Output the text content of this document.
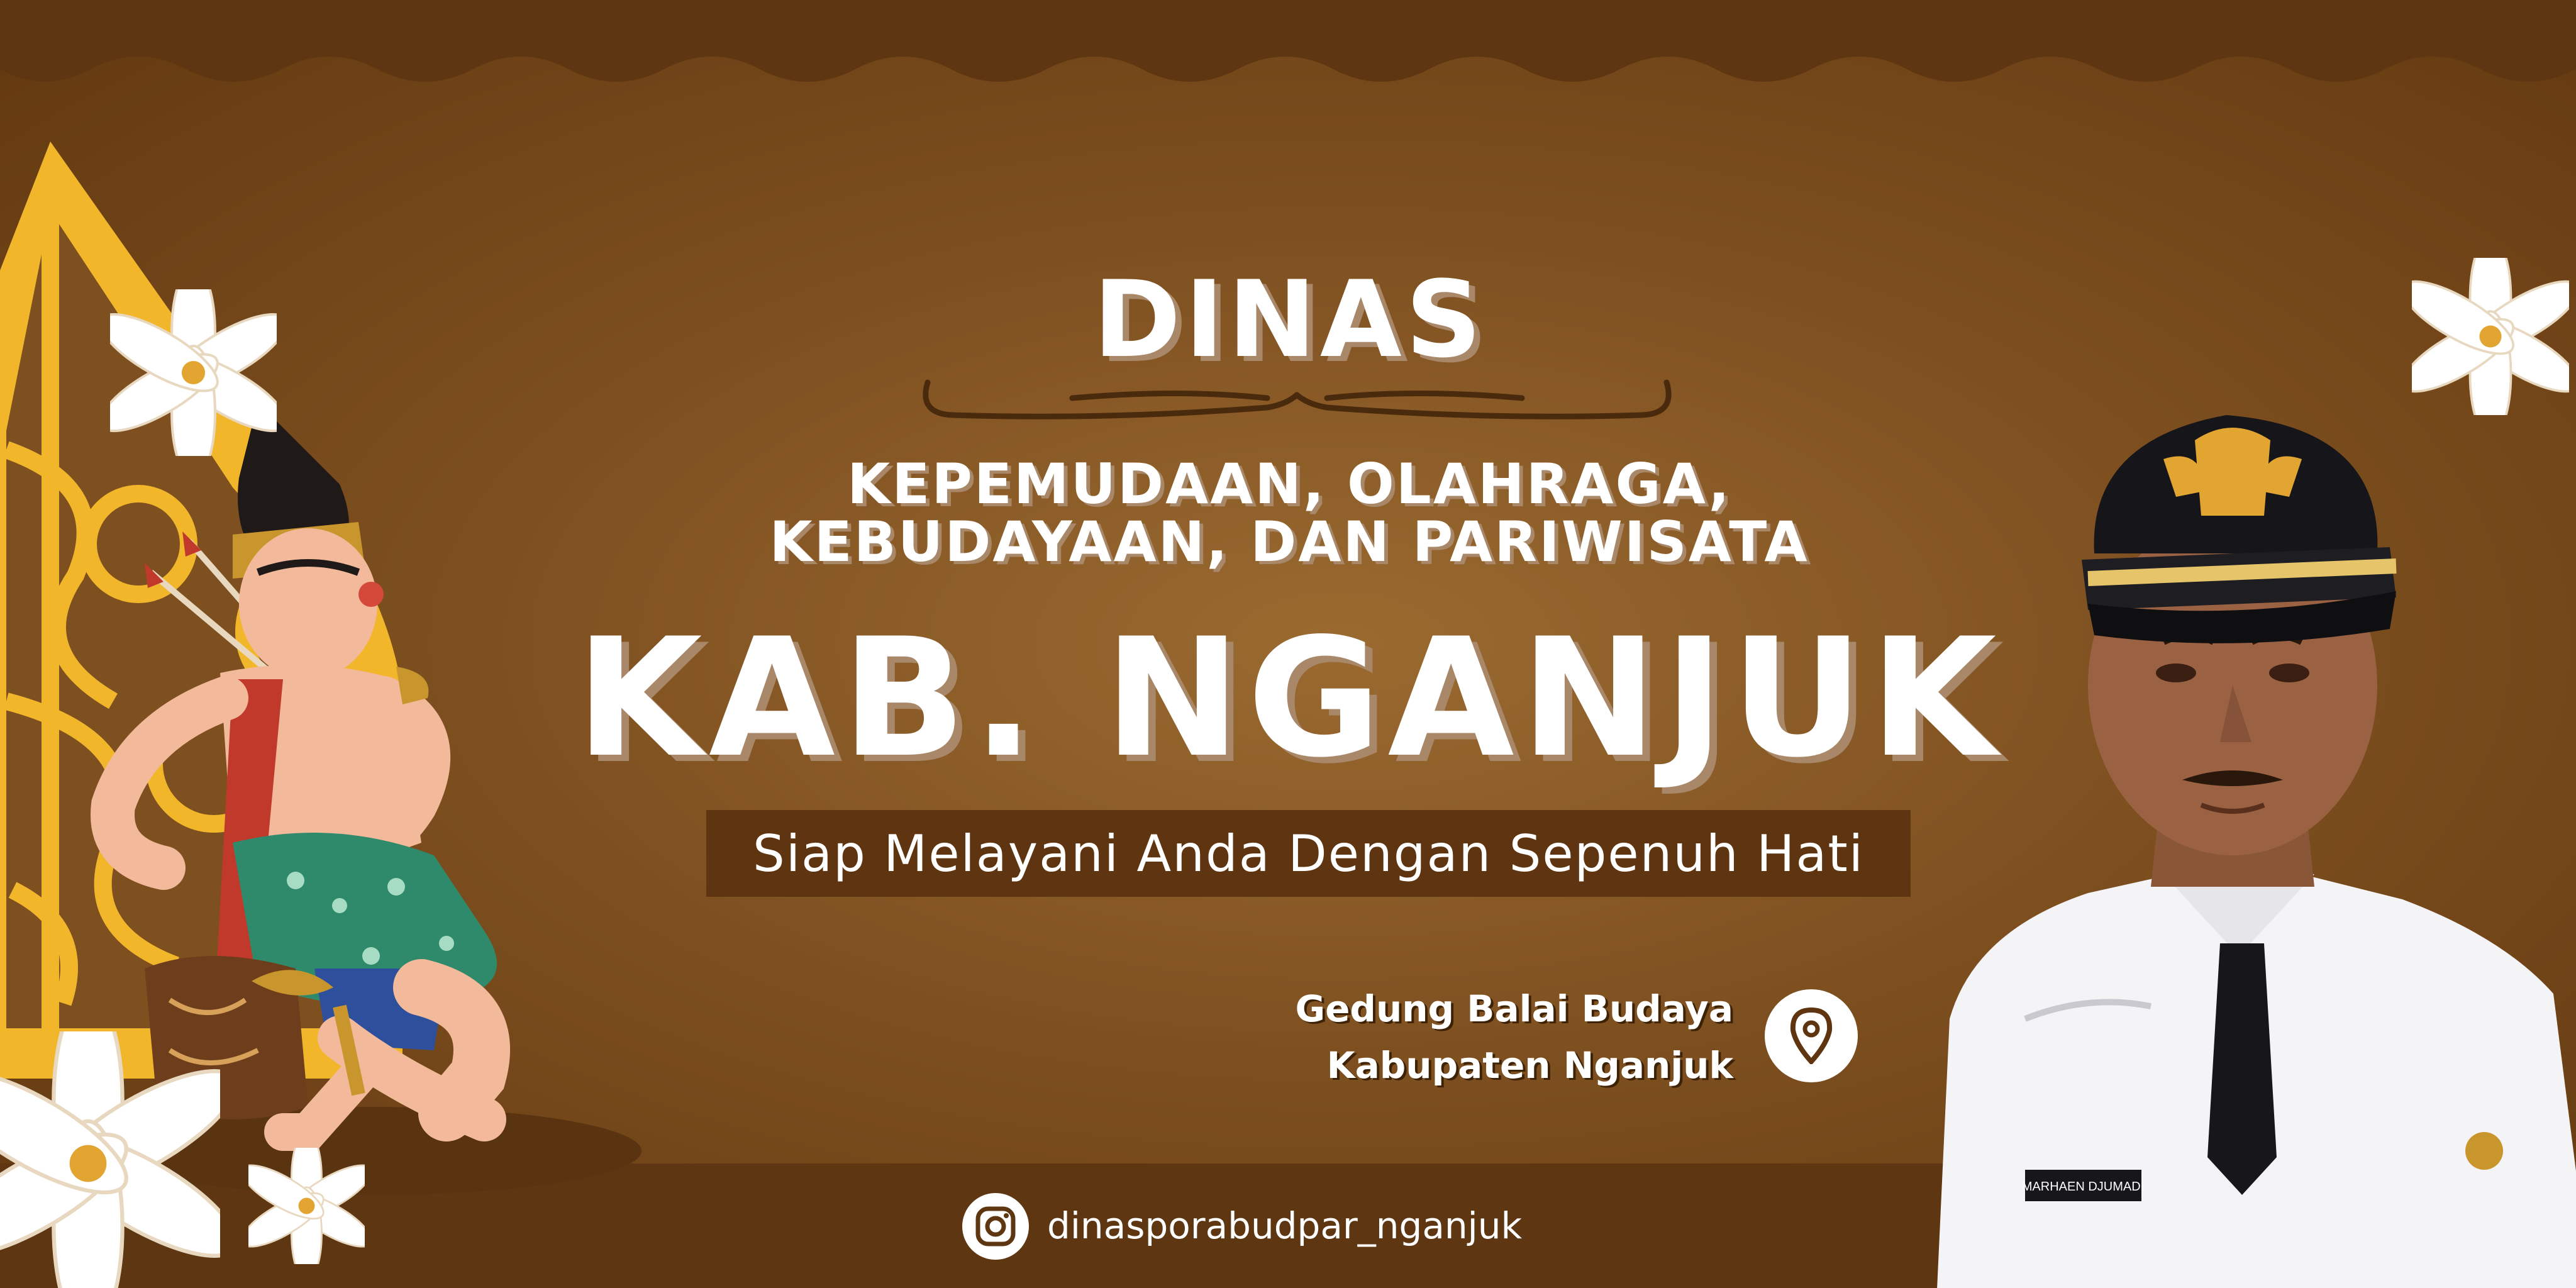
DINAS
KEPEMUDAAN, OLAHRAGA,
KEBUDAYAAN, DAN PARIWISATA
KAB. NGANJUK
Siap Melayani Anda Dengan Sepenuh Hati
Gedung Balai Budaya
Kabupaten Nganjuk
dinasporabudpar_nganjuk
MARHAEN DJUMADI
